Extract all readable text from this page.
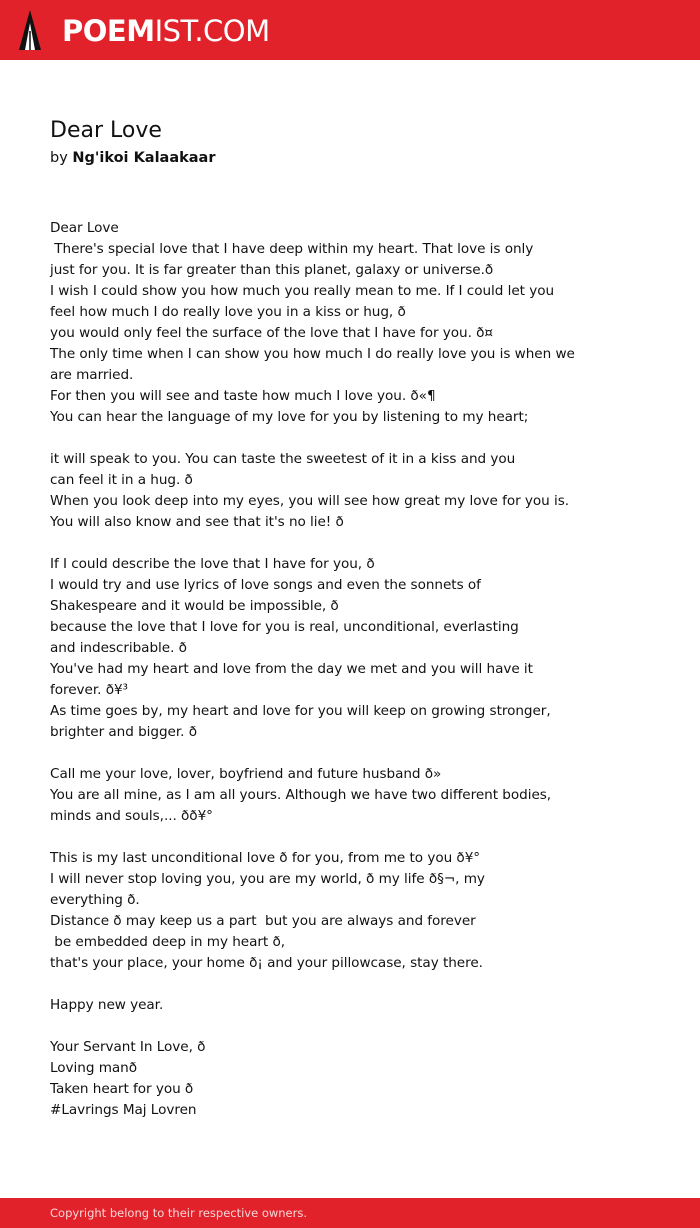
POEMIST.COM
Dear Love
by Ng'ikoi Kalaakaar
Dear Love
There's special love that I have deep within my heart. That love is only
just for you. It is far greater than this planet, galaxy or universe.ð
I wish I could show you how much you really mean to me. If I could let you
feel how much I do really love you in a kiss or hug, ð
you would only feel the surface of the love that I have for you. ð¤
The only time when I can show you how much I do really love you is when we
are married.
For then you will see and taste how much I love you. ð«¶
You can hear the language of my love for you by listening to my heart;
it will speak to you. You can taste the sweetest of it in a kiss and you
can feel it in a hug. ð
When you look deep into my eyes, you will see how great my love for you is.
You will also know and see that it's no lie! ð
If I could describe the love that I have for you, ð
I would try and use lyrics of love songs and even the sonnets of
Shakespeare and it would be impossible, ð
because the love that I love for you is real, unconditional, everlasting
and indescribable. ð
You've had my heart and love from the day we met and you will have it
forever. ð¥³
As time goes by, my heart and love for you will keep on growing stronger,
brighter and bigger. ð
Call me your love, lover, boyfriend and future husband ð»
You are all mine, as I am all yours. Although we have two different bodies,
minds and souls,... ðð¥°
This is my last unconditional love ð for you, from me to you ð¥°
I will never stop loving you, you are my world, ð my life ð§¬, my
everything ð.
Distance ð may keep us a part  but you are always and forever
be embedded deep in my heart ð,
that's your place, your home ð¡ and your pillowcase, stay there.
Happy new year.
Your Servant In Love, ð
Loving manð
Taken heart for you ð
#Lavrings Maj Lovren
Copyright belong to their respective owners.
